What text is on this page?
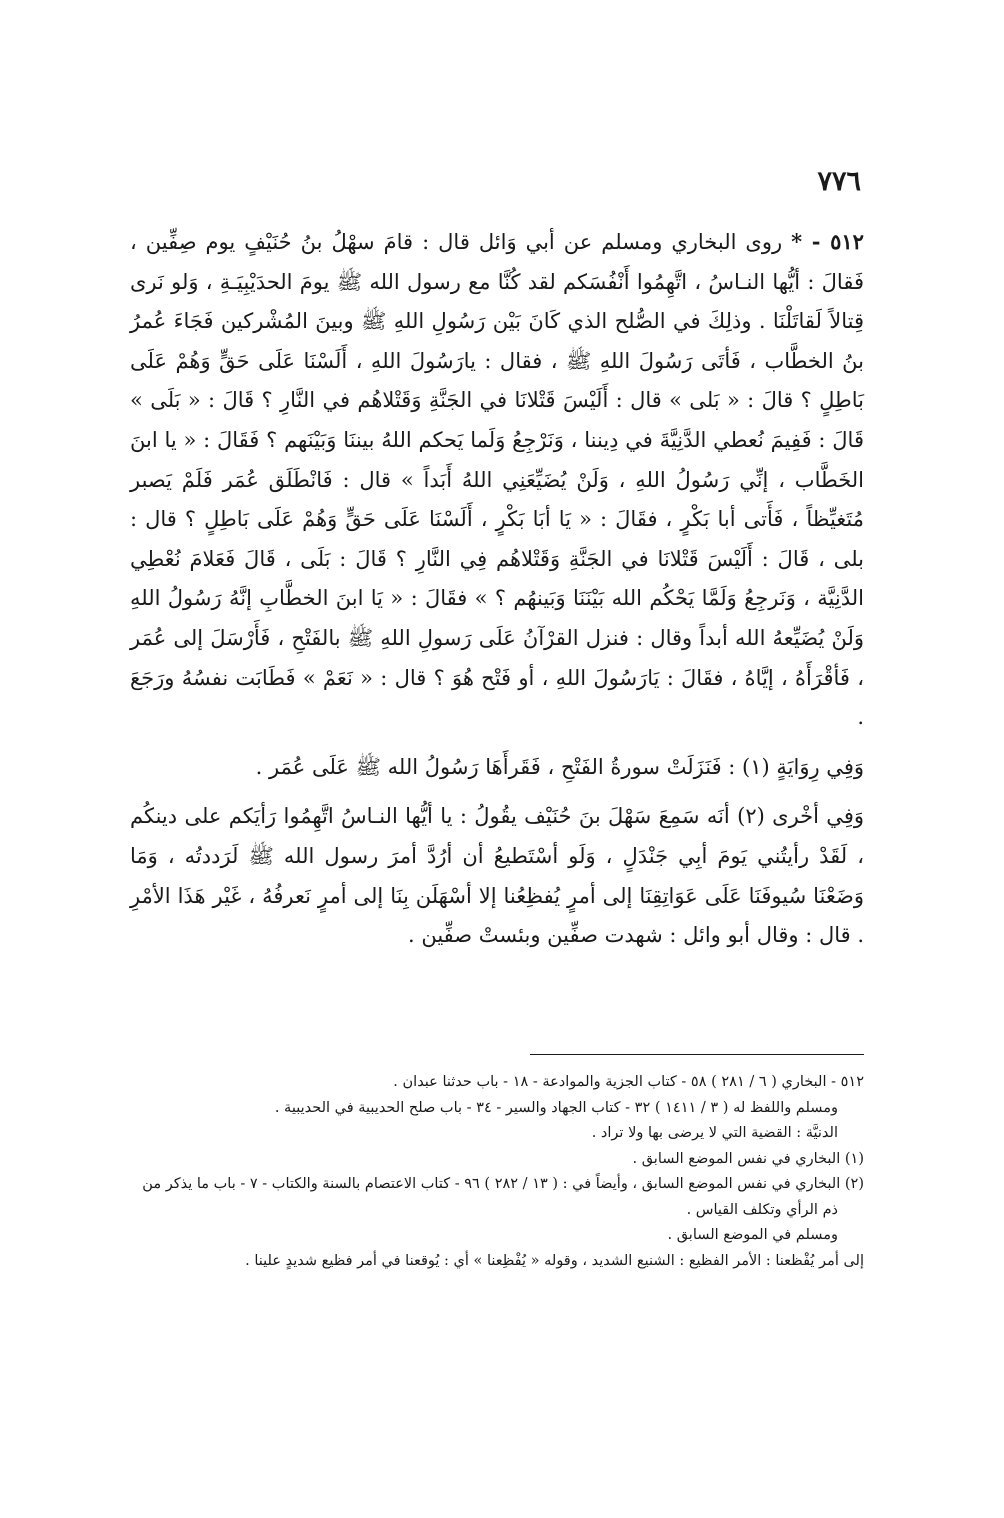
٧٧٦

٥١٢ - * روى البخاري ومسلم عن أبي وَائل قال : قامَ سهْلُ بنُ حُنَيْفٍ يوم صِفِّين ، فَقالَ : أيُّها النـاسُ ، اتَّهِمُوا أَنْفُسَكم لقد كُنَّا مع رسول الله ﷺ يومَ الحدَيْبِيَـةِ ، وَلو نَرى قِتالاً لَقاتَلْنَا . وذلِكَ في الصُّلح الذي كَانَ بَيْن رَسُولِ اللهِ ﷺ وبينَ المُشْركين فَجَاءَ عُمرُ بنُ الخطَّاب ، فَأتَى رَسُولَ اللهِ ﷺ ، فقال : يارَسُولَ اللهِ ، أَلَسْنَا عَلَى حَقٍّ وَهُمْ عَلَى بَاطِلٍ ؟ قالَ : « بَلى » قال : أَلَيْسَ قَتْلانَا في الجَنَّةِ وَقَتْلاهُم في النَّارِ ؟ قَالَ : « بَلَى » قَالَ : فَفِيمَ نُعطي الدَّنِيَّةَ في دِيننا ، وَنَرْجِعُ وَلَما يَحكم اللهُ بيننَا وَبَيْنَهم ؟ فَقَالَ : « يا ابنَ الخَطَّاب ، إنِّي رَسُولُ اللهِ ، وَلَنْ يُضَيِّعَنِي اللهُ أَبَداً » قال : فَانْطَلَق عُمَر فَلَمْ يَصبر مُتَغيِّظاً ، فَأَتى أبا بَكْرٍ ، فقَالَ : « يَا أبَا بَكْرٍ ، أَلَسْنَا عَلَى حَقٍّ وَهُمْ عَلَى بَاطِلٍ ؟ قال : بلى ، قَالَ : أَلَيْسَ قَتْلانَا في الجَنَّةِ وَقَتْلاهُم فِي النَّارِ ؟ قَالَ : بَلَى ، قَالَ فَعَلامَ نُعْطِي الدَّنِيَّة ، وَنَرجِعُ وَلَمَّا يَحْكُم الله بَيْنَنَا وَبَينهُم ؟ » فقَالَ : « يَا ابنَ الخطَّابِ إنَّهُ رَسُولُ اللهِ وَلَنْ يُضَيِّعهُ الله أبداً وقال : فنزل القرْآنُ عَلَى رَسولِ اللهِ ﷺ بالفَتْحِ ، فَأَرْسَلَ إلى عُمَر ، فَأقْرَأَهُ ، إيَّاهُ ، فقَالَ : يَارَسُولَ اللهِ ، أو فَتْح هُوَ ؟ قال : « نَعَمْ » فَطَابَت نفسُهُ ورَجَعَ .

وَفِي رِوَايَةٍ (١) : فَنَزَلَتْ سورةُ الفَتْحِ ، فَقَرأَهَا رَسُولُ الله ﷺ عَلَى عُمَر .

وَفِي أخْرى (٢) أنَه سَمِعَ سَهْلَ بنَ حُنَيْف يقُولُ : يا أيُّها النـاسُ اتَّهِمُوا رَأيَكم على دينكُم ، لَقَدْ رأيتُني يَومَ أبِي جَنْدَلٍ ، وَلَو أسْتَطيعُ أن أرُدَّ أمرَ رسول الله ﷺ لَرَددتُه ، وَمَا وَضَعْنَا سُيوفَنَا عَلَى عَوَاتِقِنَا إلى أمرٍ يُفظِعُنا إلا أسْهَلَن بِنَا إلى أمرٍ نَعرفُهُ ، غَيْر هَذَا الأمْرِ . قال : وقال أبو وائل : شهدت صفِّين وبئستْ صفِّين .

٥١٢ - البخاري ( ٦ / ٢٨١ ) ٥٨ - كتاب الجزية والموادعة - ١٨ - باب حدثنا عبدان .

ومسلم واللفظ له ( ٣ / ١٤١١ ) ٣٢ - كتاب الجهاد والسير - ٣٤ - باب صلح الحديبية في الحديبية .

الدنيَّة : القضية التي لا يرضى بها ولا تراد .

(١) البخاري في نفس الموضع السابق .

(٢) البخاري في نفس الموضع السابق ، وأيضاً في : ( ١٣ / ٢٨٢ ) ٩٦ - كتاب الاعتصام بالسنة والكتاب - ٧ - باب ما يذكر من ذم الرأي وتكلف القياس .

ومسلم في الموضع السابق .

إلى أمر يُفْظعنا : الأمر الفظيع : الشنيع الشديد ، وقوله « يُفْظِعنا » أي : يُوقعنا في أمر فظيع شديدٍ علينا .
